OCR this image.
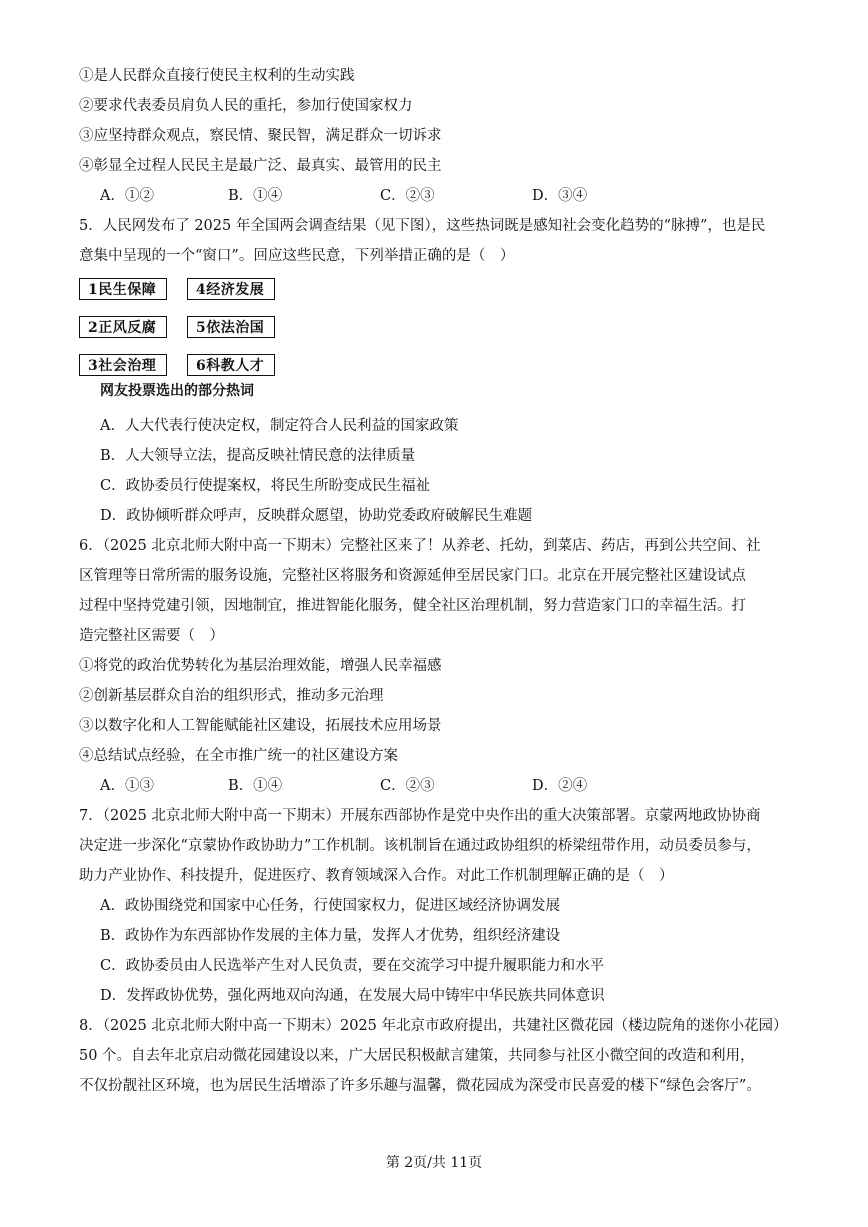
①是人民群众直接行使民主权利的生动实践
②要求代表委员肩负人民的重托，参加行使国家权力
③应坚持群众观点，察民情、聚民智，满足群众一切诉求
④彰显全过程人民民主是最广泛、最真实、最管用的民主
A．①②	B．①④	C．②③	D．③④
5．人民网发布了 2025 年全国两会调查结果（见下图），这些热词既是感知社会变化趋势的“脉搏”，也是民
意集中呈现的一个“窗口”。回应这些民意，下列举措正确的是（　）
1民生保障	4经济发展
2正风反腐	5依法治国
3社会治理	6科教人才
网友投票选出的部分热词
A．人大代表行使决定权，制定符合人民利益的国家政策
B．人大领导立法，提高反映社情民意的法律质量
C．政协委员行使提案权，将民生所盼变成民生福祉
D．政协倾听群众呼声，反映群众愿望，协助党委政府破解民生难题
6．（2025 北京北师大附中高一下期末）完整社区来了！从养老、托幼，到菜店、药店，再到公共空间、社
区管理等日常所需的服务设施，完整社区将服务和资源延伸至居民家门口。北京在开展完整社区建设试点
过程中坚持党建引领，因地制宜，推进智能化服务，健全社区治理机制，努力营造家门口的幸福生活。打
造完整社区需要（　）
①将党的政治优势转化为基层治理效能，增强人民幸福感
②创新基层群众自治的组织形式，推动多元治理
③以数字化和人工智能赋能社区建设，拓展技术应用场景
④总结试点经验，在全市推广统一的社区建设方案
A．①③	B．①④	C．②③	D．②④
7．（2025 北京北师大附中高一下期末）开展东西部协作是党中央作出的重大决策部署。京蒙两地政协协商
决定进一步深化“京蒙协作政协助力”工作机制。该机制旨在通过政协组织的桥梁纽带作用，动员委员参与，
助力产业协作、科技提升，促进医疗、教育领域深入合作。对此工作机制理解正确的是（　）
A．政协围绕党和国家中心任务，行使国家权力，促进区域经济协调发展
B．政协作为东西部协作发展的主体力量，发挥人才优势，组织经济建设
C．政协委员由人民选举产生对人民负责，要在交流学习中提升履职能力和水平
D．发挥政协优势，强化两地双向沟通，在发展大局中铸牢中华民族共同体意识
8．（2025 北京北师大附中高一下期末）2025 年北京市政府提出，共建社区微花园（楼边院角的迷你小花园）
50 个。自去年北京启动微花园建设以来，广大居民积极献言建策，共同参与社区小微空间的改造和利用，
不仅扮靓社区环境，也为居民生活增添了许多乐趣与温馨，微花园成为深受市民喜爱的楼下“绿色会客厅”。
第 2页/共 11页
